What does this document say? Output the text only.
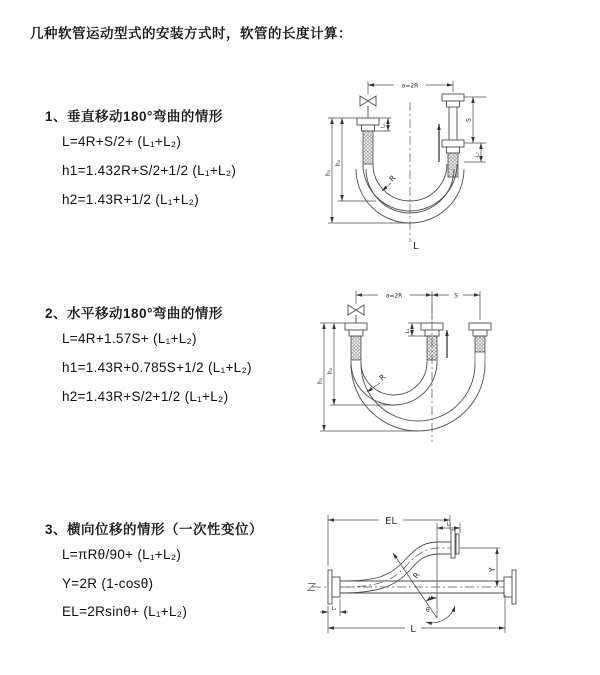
几种软管运动型式的安装方式时，软管的长度计算：
1、垂直移动180°弯曲的情形
L=4R+S/2+ (L₁+L₂)
h1=1.432R+S/2+1/2 (L₁+L₂)
h2=1.43R+1/2 (L₁+L₂)
2、水平移动180°弯曲的情形
L=4R+1.57S+ (L₁+L₂)
h1=1.43R+0.785S+1/2 (L₁+L₂)
h2=1.43R+S/2+1/2 (L₁+L₂)
3、横向位移的情形（一次性变位）
L=πRθ/90+ (L₁+L₂)
Y=2R (1-cosθ)
EL=2Rsinθ+ (L₁+L₂)
a=2R
L₁
S
L₂
L
R
h₁
h₂
a=2R	S
L₁
R
h₁
h₂
EL	L₁
R
θ
Y
L₂
L
